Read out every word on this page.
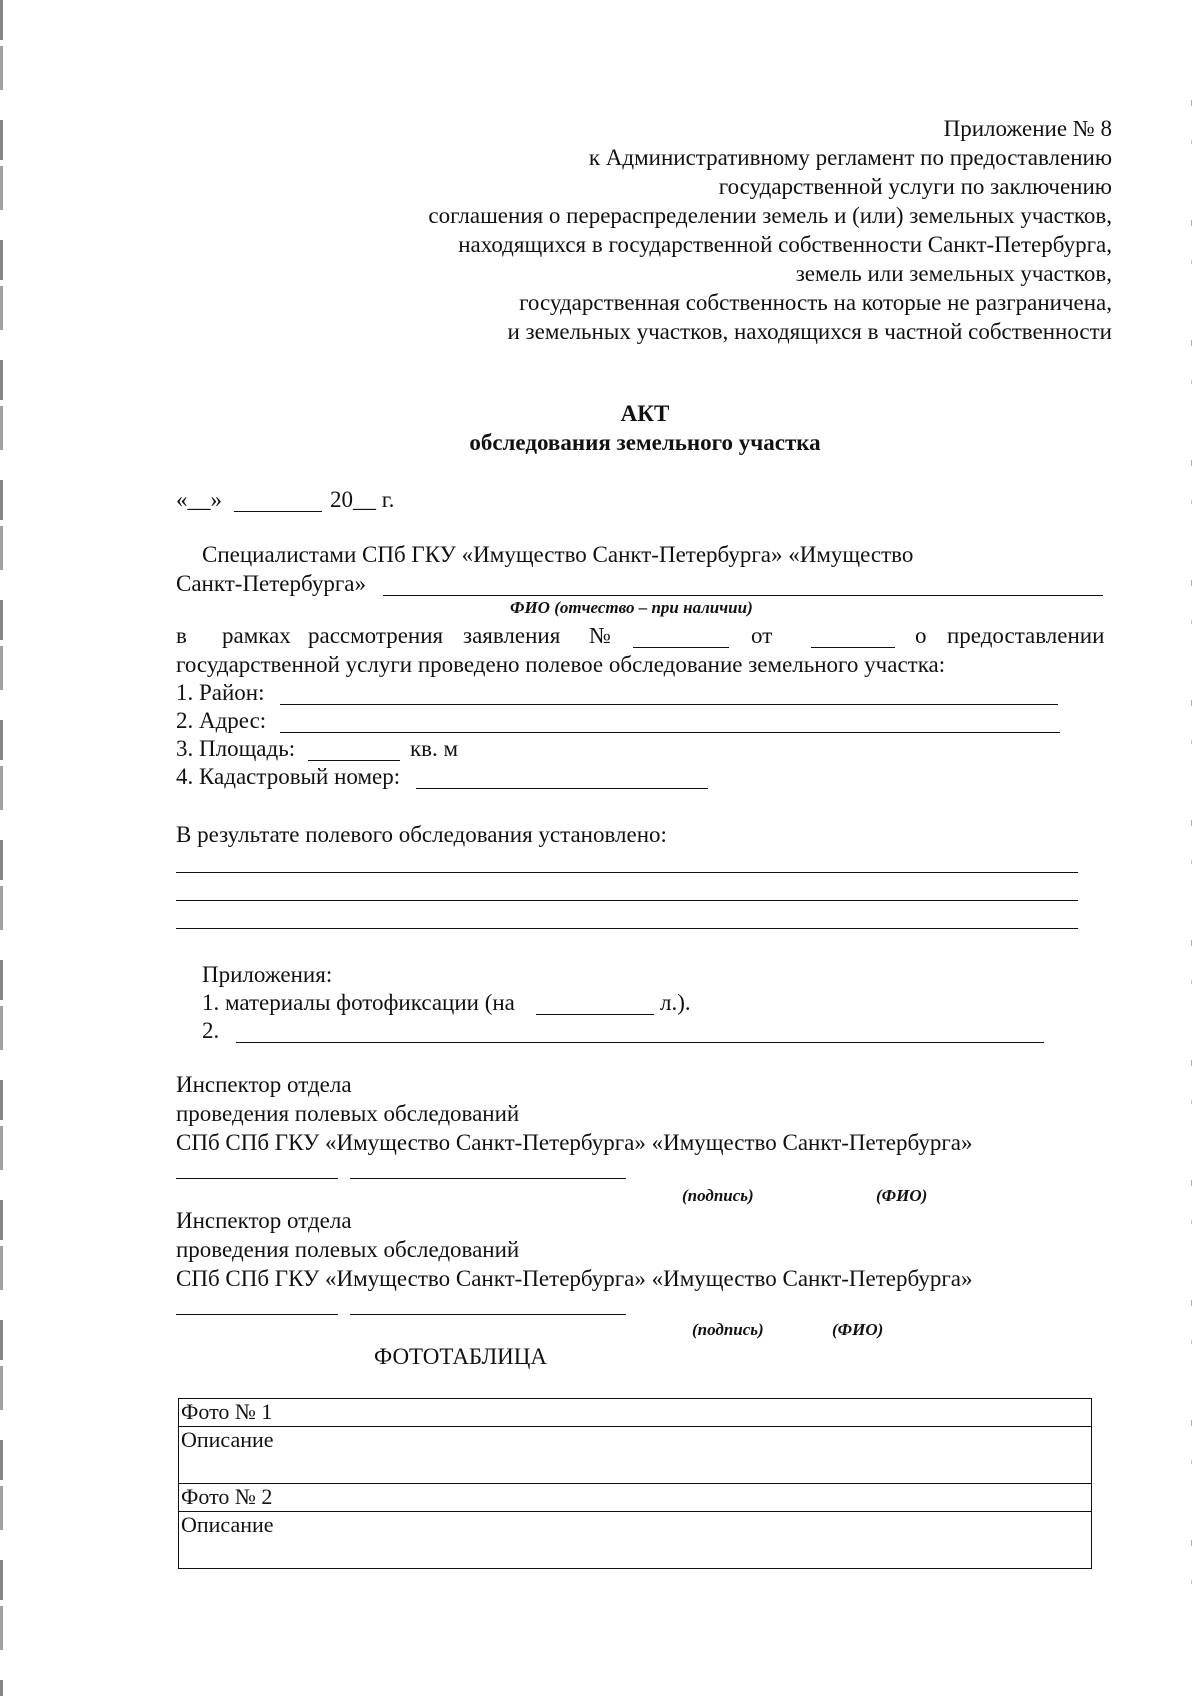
Приложение № 8
к Административному регламент по предоставлению
государственной услуги по заключению
соглашения о перераспределении земель и (или) земельных участков,
находящихся в государственной собственности Санкт-Петербурга,
земель или земельных участков,
государственная собственность на которые не разграничена,
и земельных участков, находящихся в частной собственности
АКТ
обследования земельного участка
«__»	20__ г.
Специалистами СПб ГКУ «Имущество Санкт-Петербурга» «Имущество
Санкт-Петербурга»
ФИО (отчество – при наличии)
в рамках рассмотрения заявления №	от	о предоставлении
государственной услуги проведено полевое обследование земельного участка:
1. Район:
2. Адрес:
3. Площадь:	кв. м
4. Кадастровый номер:
В результате полевого обследования установлено:
Приложения:
1. материалы фотофиксации (на	л.).
2.
Инспектор отдела
проведения полевых обследований
СПб СПб ГКУ «Имущество Санкт-Петербурга» «Имущество Санкт-Петербурга»
(подпись)	(ФИО)
Инспектор отдела
проведения полевых обследований
СПб СПб ГКУ «Имущество Санкт-Петербурга» «Имущество Санкт-Петербурга»
(подпись)	(ФИО)
ФОТОТАБЛИЦА
Фото № 1
Описание
Фото № 2
Описание
